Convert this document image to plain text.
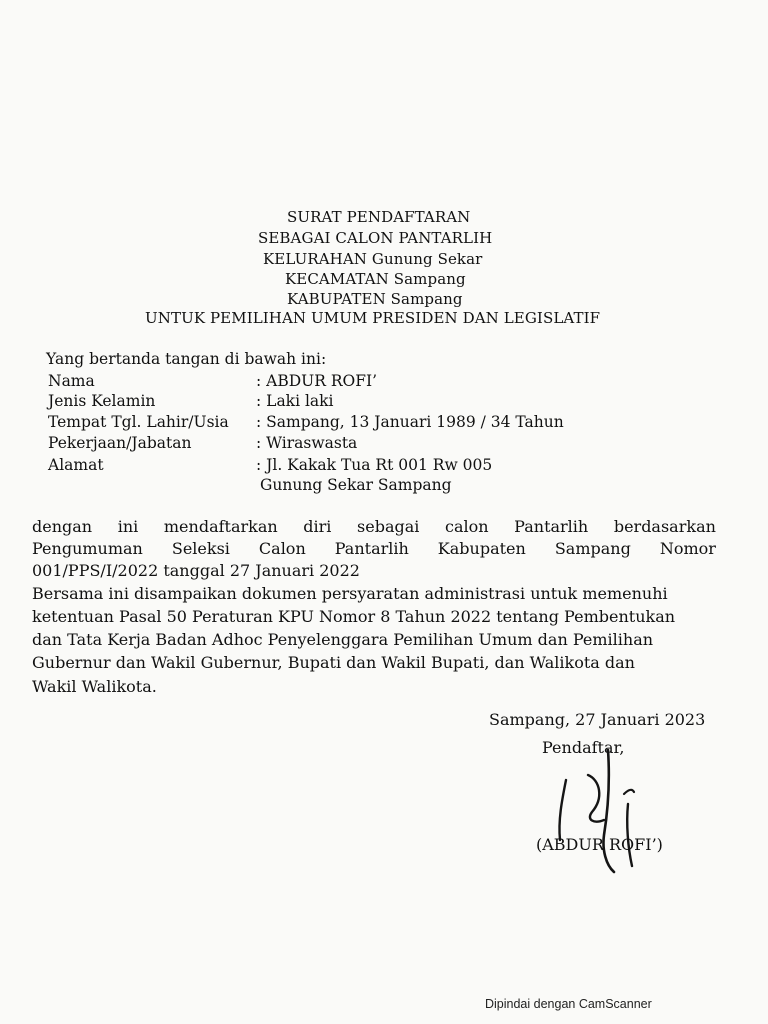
SURAT PENDAFTARAN
SEBAGAI CALON PANTARLIH
KELURAHAN Gunung Sekar
KECAMATAN Sampang
KABUPATEN Sampang
UNTUK PEMILIHAN UMUM PRESIDEN DAN LEGISLATIF
Yang bertanda tangan di bawah ini:
Nama	: ABDUR ROFI’
Jenis Kelamin	: Laki laki
Tempat Tgl. Lahir/Usia : Sampang, 13 Januari 1989 / 34 Tahun
Pekerjaan/Jabatan	: Wiraswasta
Alamat	: Jl. Kakak Tua Rt 001 Rw 005
Gunung Sekar Sampang
dengan ini mendaftarkan diri sebagai calon Pantarlih berdasarkan
Pengumuman Seleksi Calon Pantarlih Kabupaten Sampang Nomor
001/PPS/I/2022 tanggal 27 Januari 2022
Bersama ini disampaikan dokumen persyaratan administrasi untuk memenuhi
ketentuan Pasal 50 Peraturan KPU Nomor 8 Tahun 2022 tentang Pembentukan
dan Tata Kerja Badan Adhoc Penyelenggara Pemilihan Umum dan Pemilihan
Gubernur dan Wakil Gubernur, Bupati dan Wakil Bupati, dan Walikota dan
Wakil Walikota.
Sampang, 27 Januari 2023
Pendaftar,
(ABDUR ROFI’)
Dipindai dengan CamScanner
